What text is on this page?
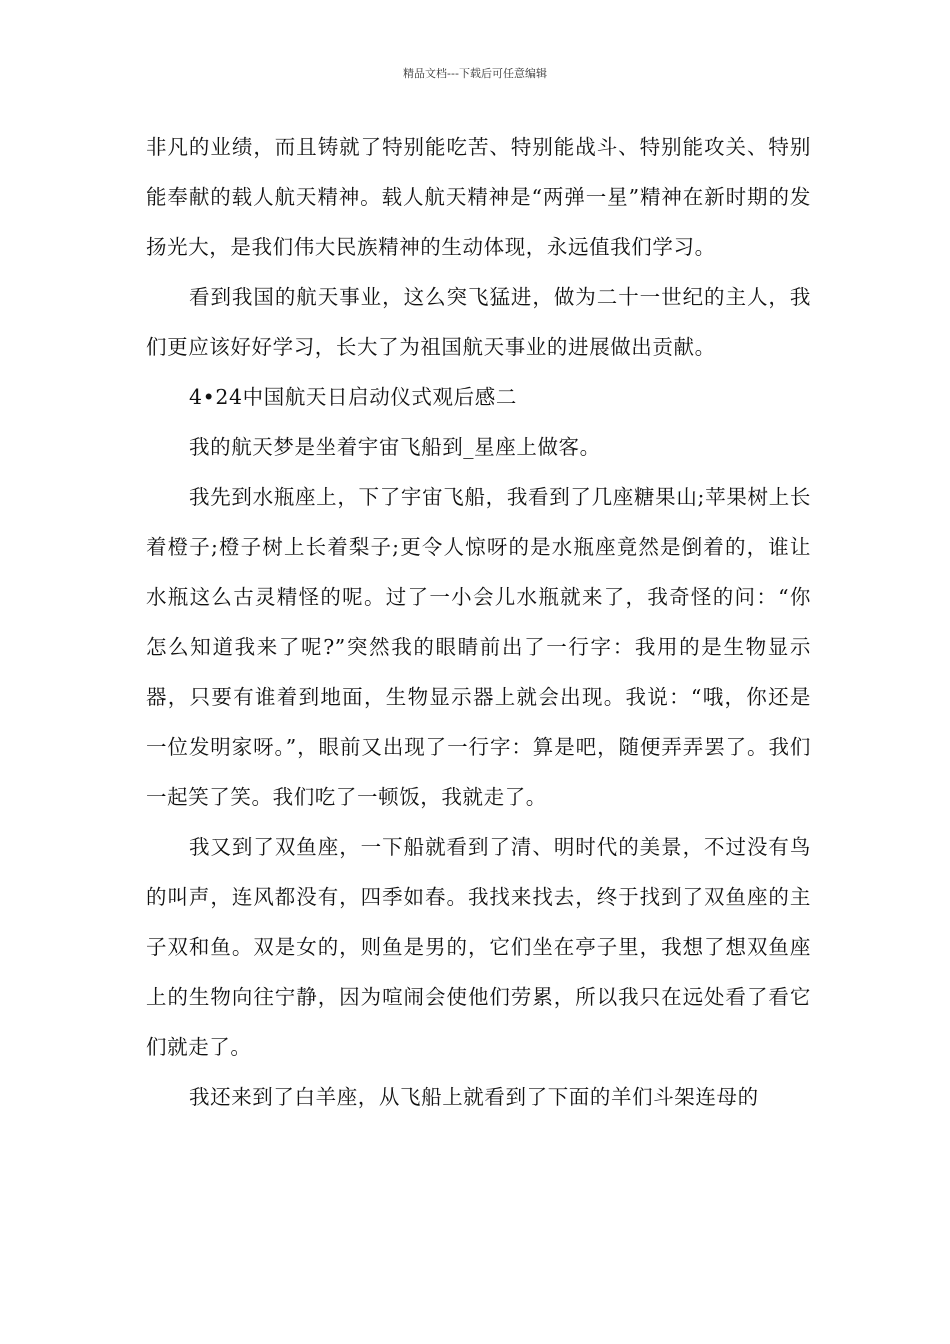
精品文档---下载后可任意编辑

非凡的业绩，而且铸就了特别能吃苦、特别能战斗、特别能攻关、特别能奉献的载人航天精神。载人航天精神是“两弹一星”精神在新时期的发扬光大，是我们伟大民族精神的生动体现，永远值我们学习。

看到我国的航天事业，这么突飞猛进，做为二十一世纪的主人，我们更应该好好学习，长大了为祖国航天事业的进展做出贡献。

4•24中国航天日启动仪式观后感二

我的航天梦是坐着宇宙飞船到_星座上做客。

我先到水瓶座上，下了宇宙飞船，我看到了几座糖果山;苹果树上长着橙子;橙子树上长着梨子;更令人惊呀的是水瓶座竟然是倒着的，谁让水瓶这么古灵精怪的呢。过了一小会儿水瓶就来了，我奇怪的问：“你怎么知道我来了呢?”突然我的眼睛前出了一行字：我用的是生物显示器，只要有谁着到地面，生物显示器上就会出现。我说：“哦，你还是一位发明家呀。”，眼前又出现了一行字：算是吧，随便弄弄罢了。我们一起笑了笑。我们吃了一顿饭，我就走了。

我又到了双鱼座，一下船就看到了清、明时代的美景，不过没有鸟的叫声，连风都没有，四季如春。我找来找去，终于找到了双鱼座的主子双和鱼。双是女的，则鱼是男的，它们坐在亭子里，我想了想双鱼座上的生物向往宁静，因为喧闹会使他们劳累，所以我只在远处看了看它们就走了。

我还来到了白羊座，从飞船上就看到了下面的羊们斗架连母的
